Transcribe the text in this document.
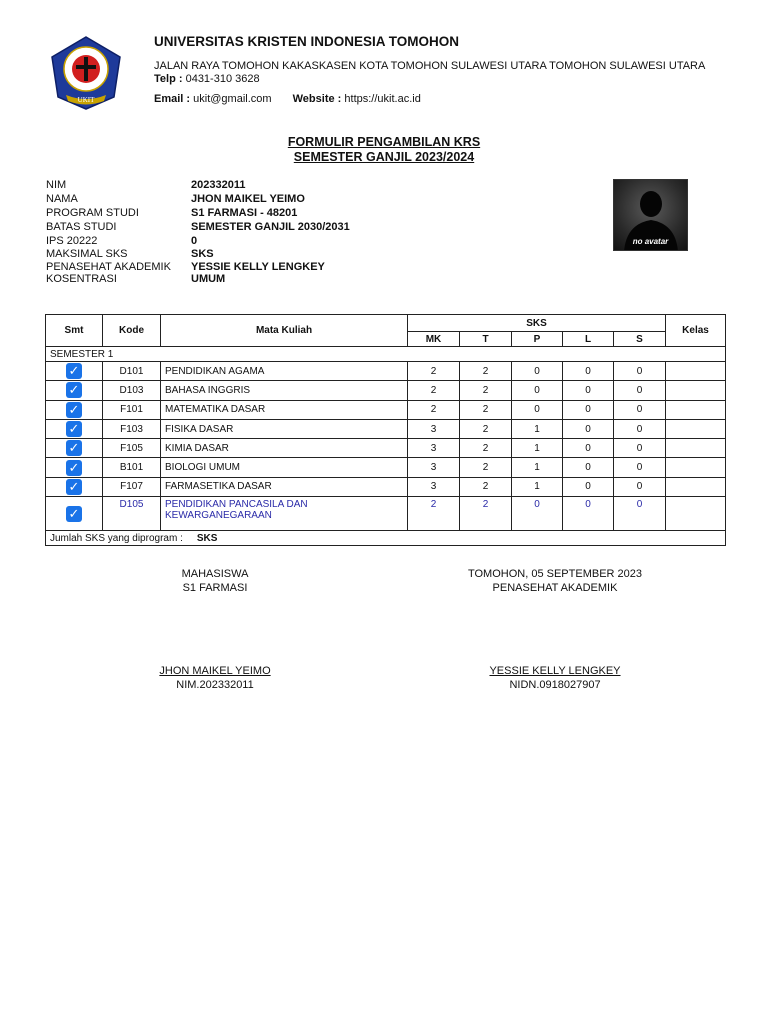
UKIT
UNIVERSITAS KRISTEN INDONESIA TOMOHON
JALAN RAYA TOMOHON KAKASKASEN KOTA TOMOHON SULAWESI UTARA TOMOHON SULAWESI UTARA
Telp : 0431-310 3628
Email : ukit@gmail.com Website : https://ukit.ac.id
FORMULIR PENGAMBILAN KRS
SEMESTER GANJIL 2023/2024
NIM	202332011
NAMA	JHON MAIKEL YEIMO
PROGRAM STUDI	S1 FARMASI - 48201
BATAS STUDI	SEMESTER GANJIL 2030/2031
IPS 20222	0
MAKSIMAL SKS	SKS
PENASEHAT AKADEMIK	YESSIE KELLY LENGKEY
KOSENTRASI	UMUM
no avatar
Smt	Kode	Mata Kuliah	SKS					Kelas
			MK	T	P	L	S	
SEMESTER 1								
✓	D101	PENDIDIKAN AGAMA	2	2	0	0	0	
✓	D103	BAHASA INGGRIS	2	2	0	0	0	
✓	F101	MATEMATIKA DASAR	2	2	0	0	0	
✓	F103	FISIKA DASAR	3	2	1	0	0	
✓	F105	KIMIA DASAR	3	2	1	0	0	
✓	B101	BIOLOGI UMUM	3	2	1	0	0	
✓	F107	FARMASETIKA DASAR	3	2	1	0	0	
✓	D105	PENDIDIKAN PANCASILA DAN KEWARGANEGARAAN	2	2	0	0	0	
Jumlah SKS yang diprogram : SKS								
MAHASISWA
S1 FARMASI
TOMOHON, 05 SEPTEMBER 2023
PENASEHAT AKADEMIK
JHON MAIKEL YEIMO
NIM.202332011
YESSIE KELLY LENGKEY
NIDN.0918027907
